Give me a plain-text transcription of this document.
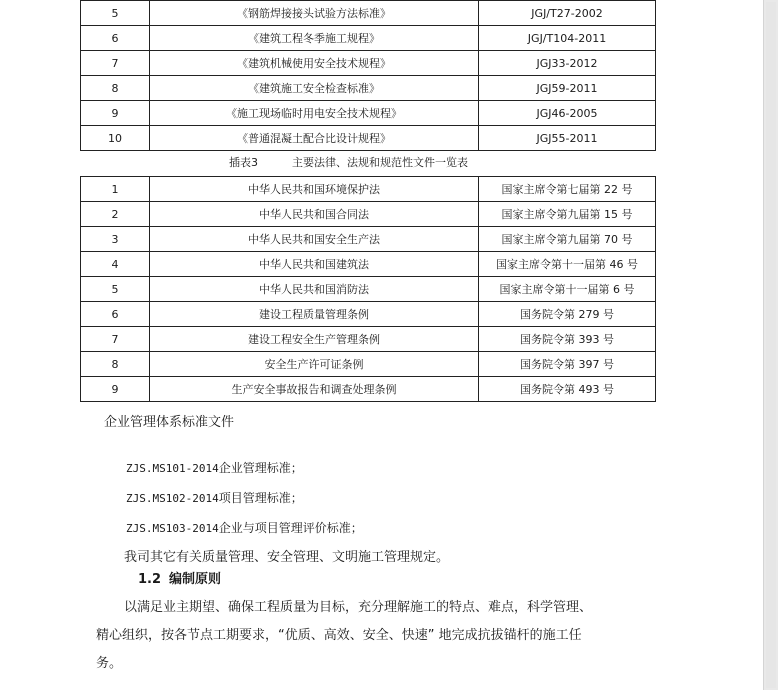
5	《钢筋焊接接头试验方法标准》	JGJ/T27-2002
6	《建筑工程冬季施工规程》	JGJ/T104-2011
7	《建筑机械使用安全技术规程》	JGJ33-2012
8	《建筑施工安全检查标准》	JGJ59-2011
9	《施工现场临时用电安全技术规程》	JGJ46-2005
10	《普通混凝土配合比设计规程》	JGJ55-2011
插表3	主要法律、法规和规范性文件一览表
1	中华人民共和国环境保护法	国家主席令第七届第 22 号
2	中华人民共和国合同法	国家主席令第九届第 15 号
3	中华人民共和国安全生产法	国家主席令第九届第 70 号
4	中华人民共和国建筑法	国家主席令第十一届第 46 号
5	中华人民共和国消防法	国家主席令第十一届第 6 号
6	建设工程质量管理条例	国务院令第 279 号
7	建设工程安全生产管理条例	国务院令第 393 号
8	安全生产许可证条例	国务院令第 397 号
9	生产安全事故报告和调查处理条例	国务院令第 493 号
企业管理体系标准文件
ZJS.MS101-2014企业管理标准；
ZJS.MS102-2014项目管理标准；
ZJS.MS103-2014企业与项目管理评价标准；
我司其它有关质量管理、安全管理、文明施工管理规定。
1.2 编制原则
以满足业主期望、确保工程质量为目标，充分理解施工的特点、难点，科学管理、
精心组织，按各节点工期要求，“优质、高效、安全、快速” 地完成抗拔锚杆的施工任
务。
